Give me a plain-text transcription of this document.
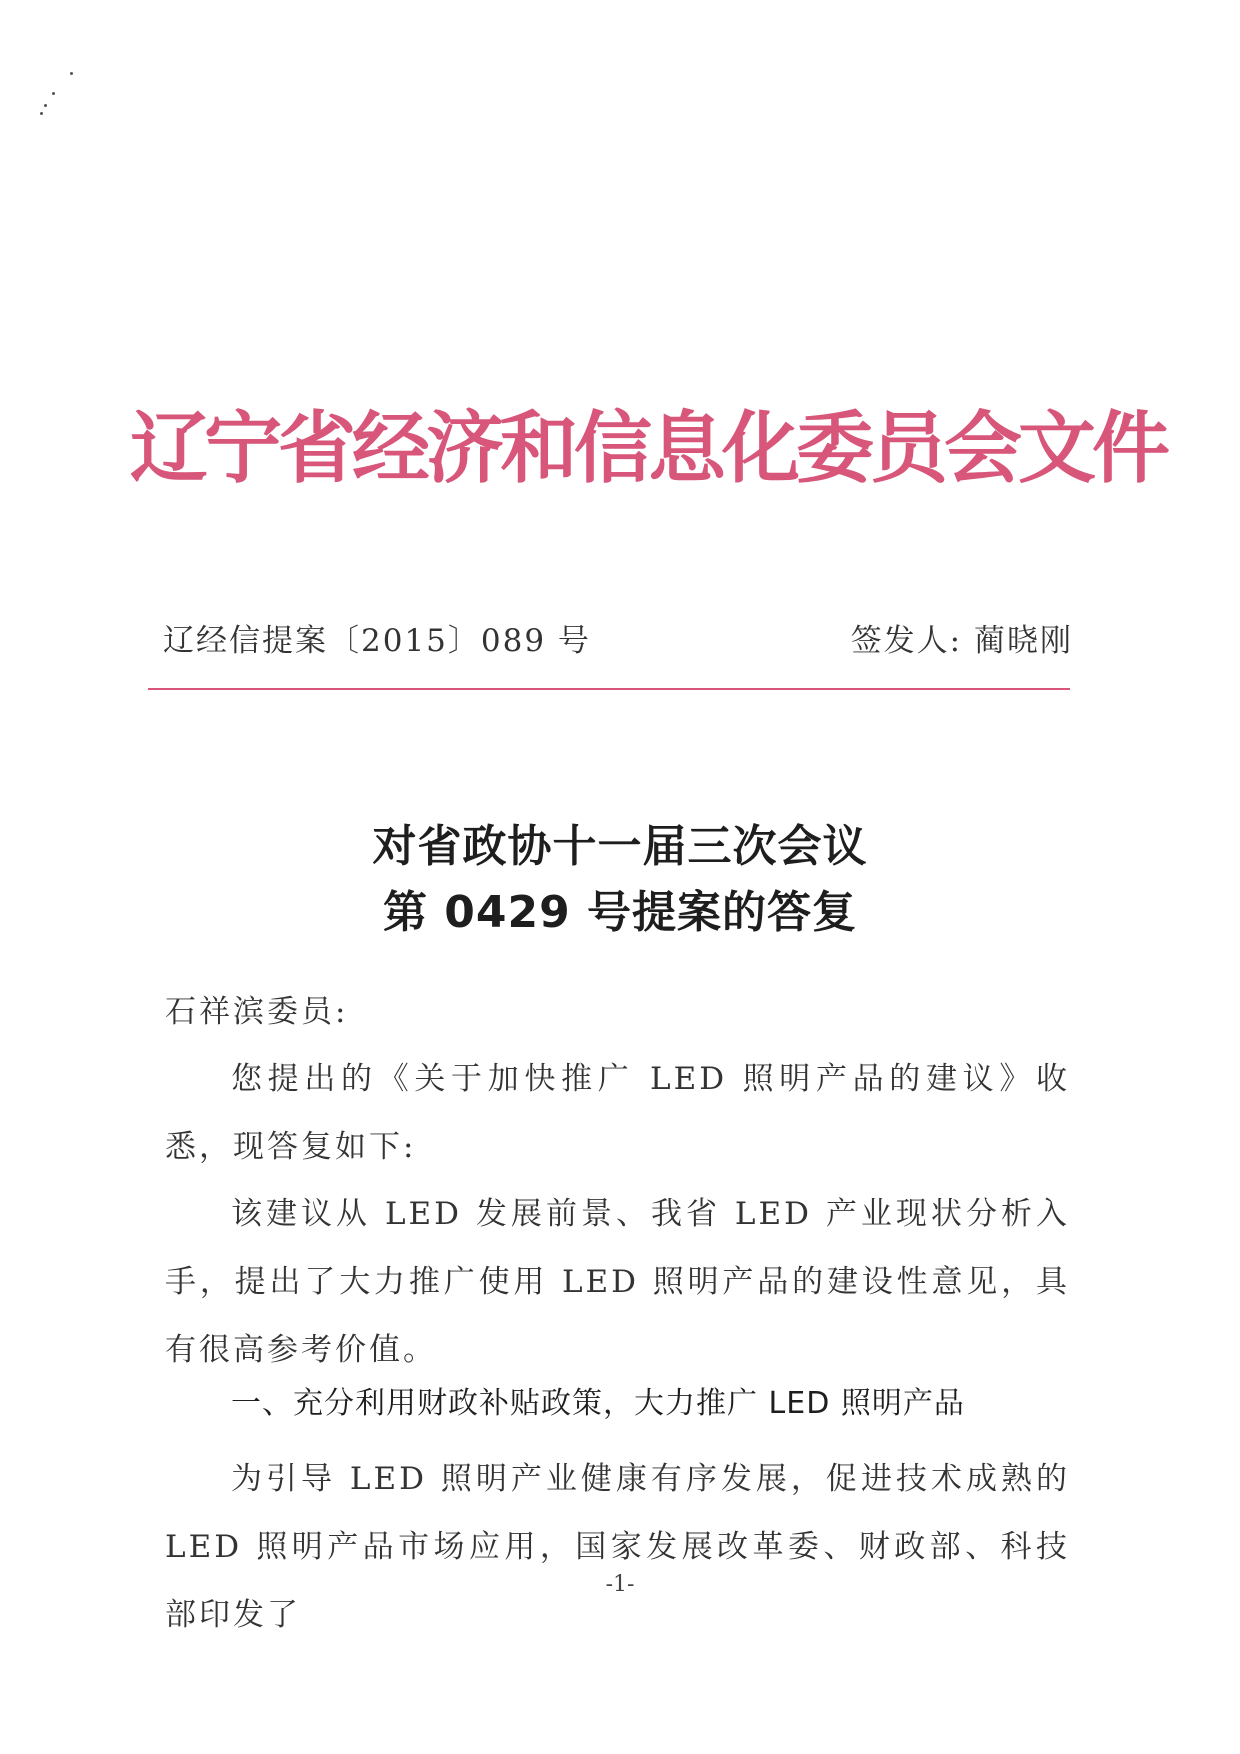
辽宁省经济和信息化委员会文件
辽经信提案〔2015〕089 号	签发人: 蔺晓刚
对省政协十一届三次会议
第 0429 号提案的答复
石祥滨委员:
您提出的《关于加快推广 LED 照明产品的建议》收悉，现答复如下:
该建议从 LED 发展前景、我省 LED 产业现状分析入手，提出了大力推广使用 LED 照明产品的建设性意见，具有很高参考价值。
一、充分利用财政补贴政策，大力推广 LED 照明产品
为引导 LED 照明产业健康有序发展，促进技术成熟的 LED 照明产品市场应用，国家发展改革委、财政部、科技部印发了
-1-
